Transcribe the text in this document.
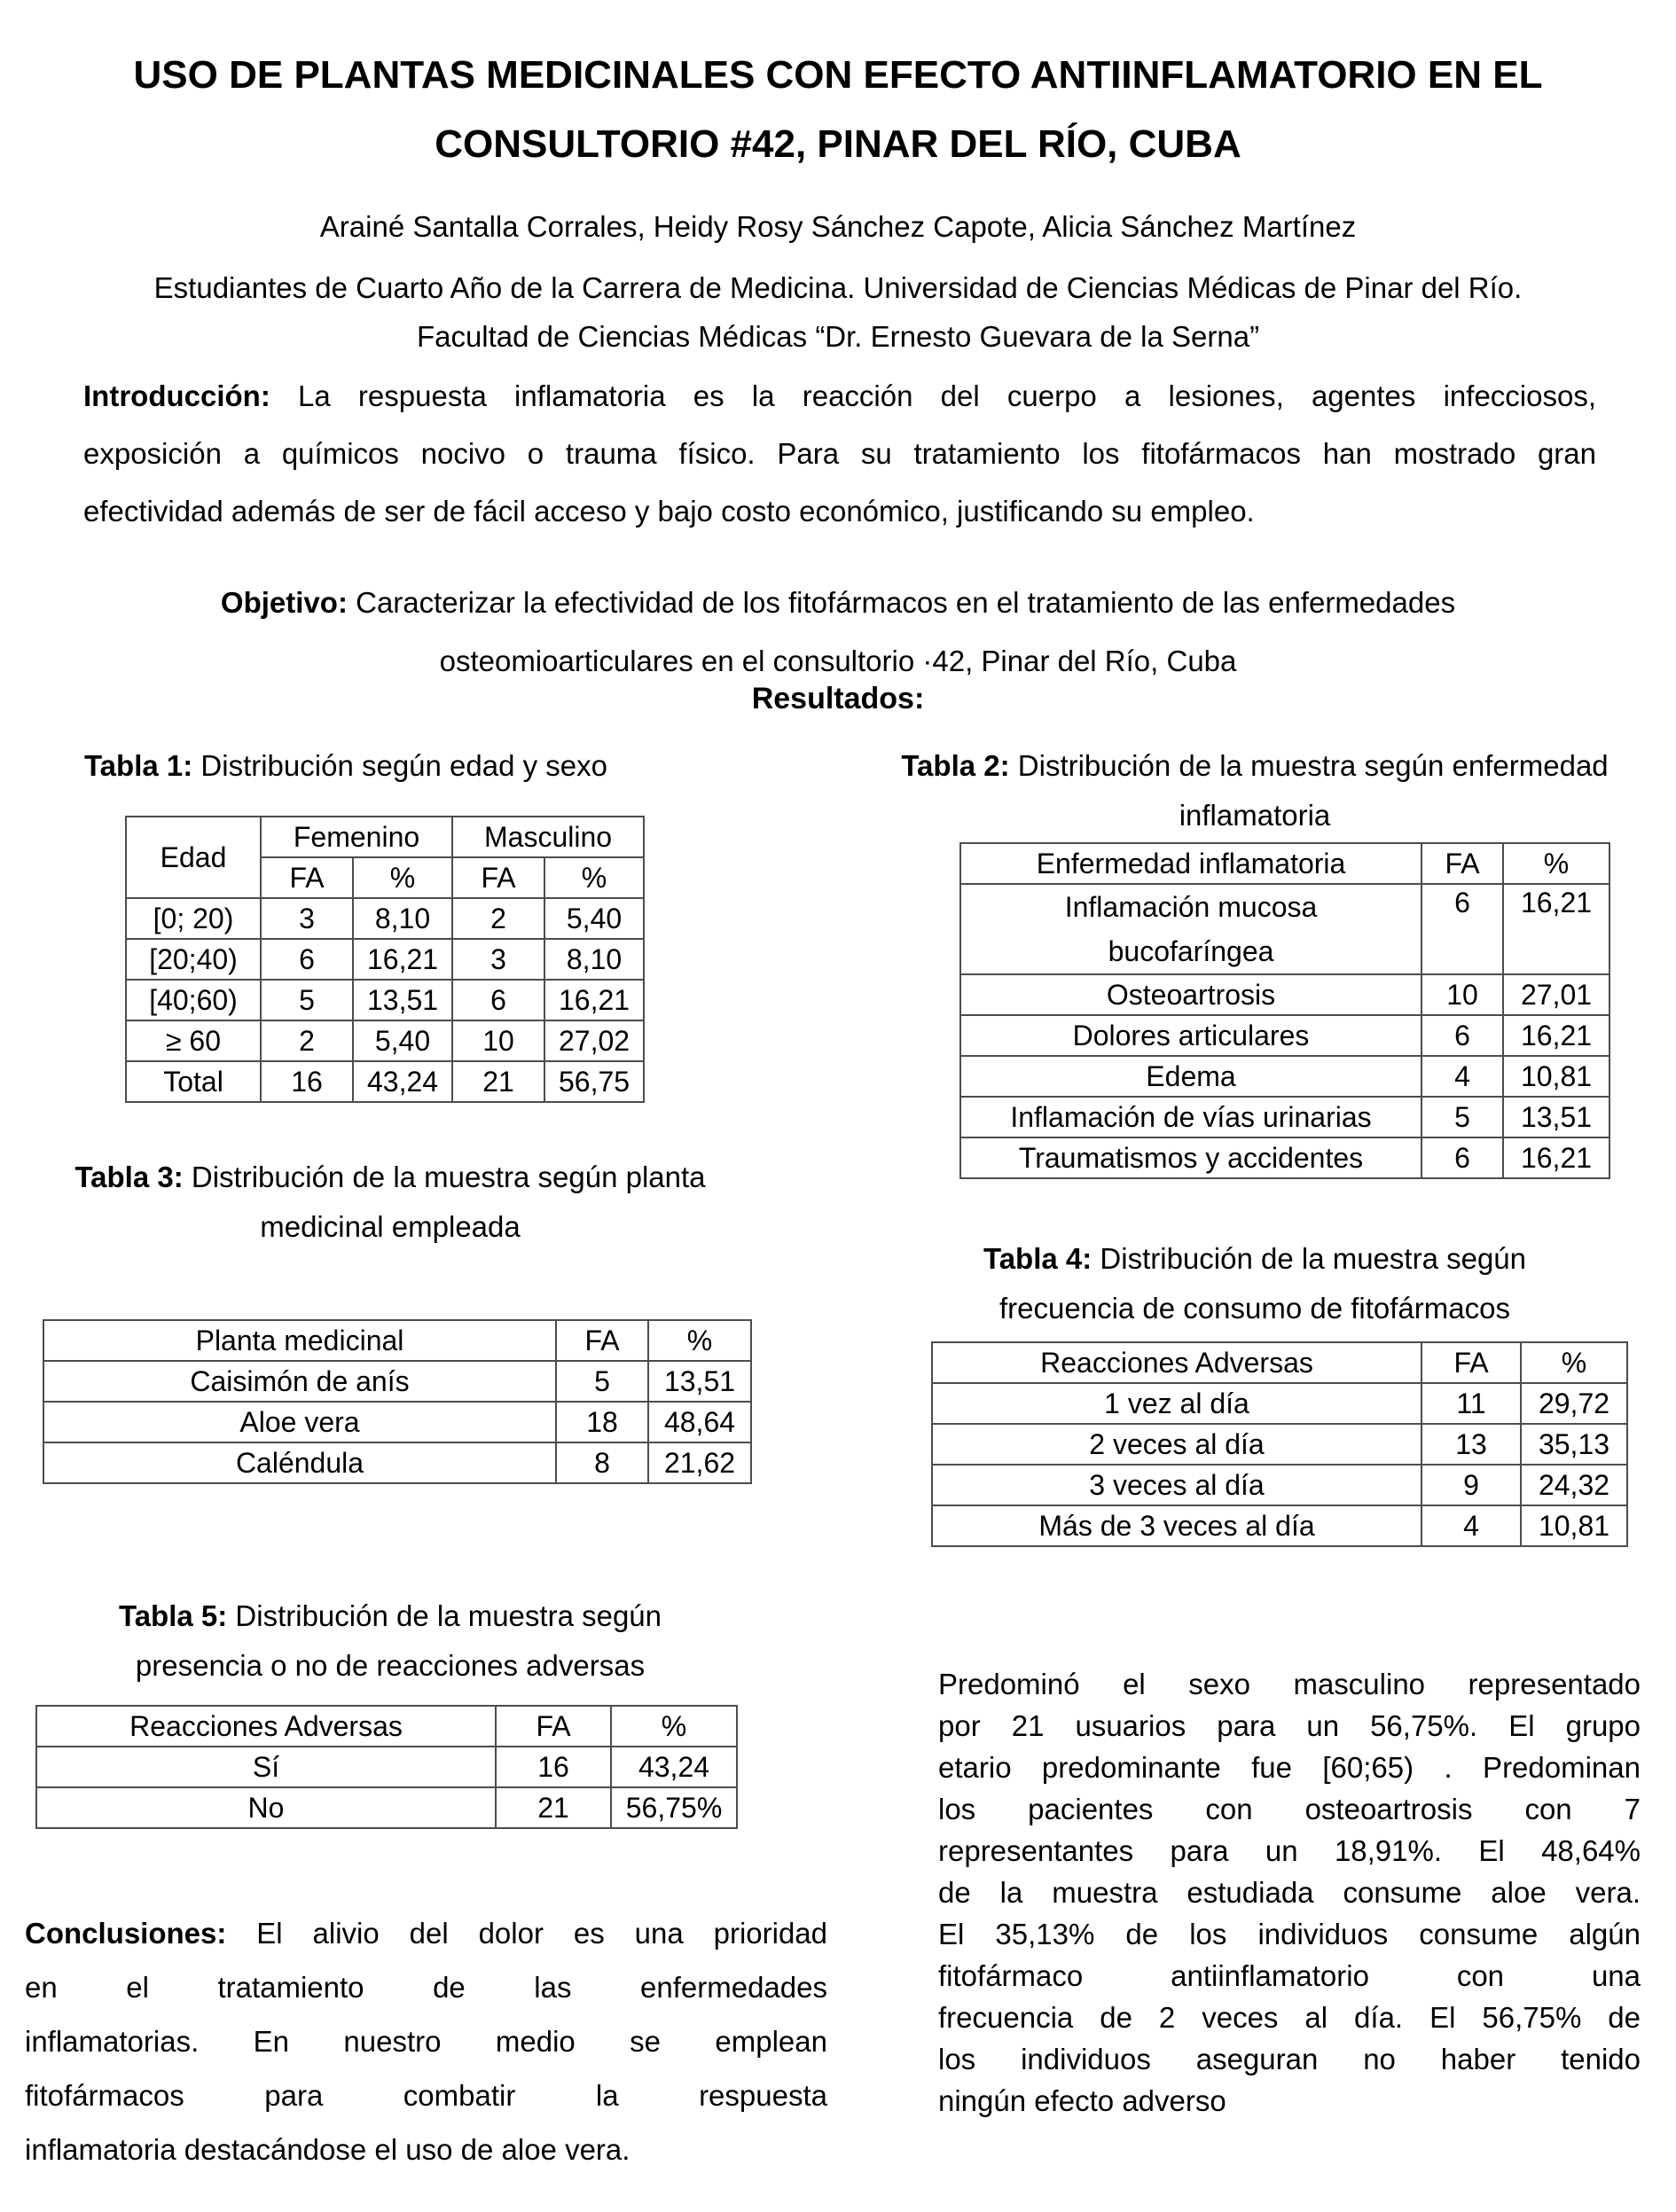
USO DE PLANTAS MEDICINALES CON EFECTO ANTIINFLAMATORIO EN EL
CONSULTORIO #42, PINAR DEL RÍO, CUBA
Arainé Santalla Corrales, Heidy Rosy Sánchez Capote, Alicia Sánchez Martínez
Estudiantes de Cuarto Año de la Carrera de Medicina. Universidad de Ciencias Médicas de Pinar del Río.
Facultad de Ciencias Médicas “Dr. Ernesto Guevara de la Serna”
Introducción: La respuesta inflamatoria es la reacción del cuerpo a lesiones, agentes infecciosos,
exposición a químicos nocivo o trauma físico. Para su tratamiento los fitofármacos han mostrado gran
efectividad además de ser de fácil acceso y bajo costo económico, justificando su empleo.
Objetivo: Caracterizar la efectividad de los fitofármacos en el tratamiento de las enfermedades
osteomioarticulares en el consultorio ·42, Pinar del Río, Cuba
Resultados:
Tabla 1: Distribución según edad y sexo
Edad	Femenino		Masculino	
	FA	%	FA	%
[0; 20)	3	8,10	2	5,40
[20;40)	6	16,21	3	8,10
[40;60)	5	13,51	6	16,21
≥ 60	2	5,40	10	27,02
Total	16	43,24	21	56,75
Tabla 2: Distribución de la muestra según enfermedad
inflamatoria
Enfermedad inflamatoria	FA	%

Inflamación mucosa
bucofaríngea	6	16,21
Osteoartrosis	10	27,01
Dolores articulares	6	16,21
Edema	4	10,81
Inflamación de vías urinarias	5	13,51
Traumatismos y accidentes	6	16,21
Tabla 3: Distribución de la muestra según planta
medicinal empleada
Planta medicinal	FA	%
Caisimón de anís	5	13,51
Aloe vera	18	48,64
Caléndula	8	21,62
Tabla 4: Distribución de la muestra según
frecuencia de consumo de fitofármacos
Reacciones Adversas	FA	%
1 vez al día	11	29,72
2 veces al día	13	35,13
3 veces al día	9	24,32
Más de 3 veces al día	4	10,81
Tabla 5: Distribución de la muestra según
presencia o no de reacciones adversas
Reacciones Adversas	FA	%
Sí	16	43,24
No	21	56,75%
Predominó el sexo masculino representado
por 21 usuarios para un 56,75%. El grupo
etario predominante fue [60;65) . Predominan
los pacientes con osteoartrosis con 7
representantes para un 18,91%. El 48,64%
de la muestra estudiada consume aloe vera.
El 35,13% de los individuos consume algún
fitofármaco antiinflamatorio con una
frecuencia de 2 veces al día. El 56,75% de
los individuos aseguran no haber tenido
ningún efecto adverso
Conclusiones: El alivio del dolor es una prioridad
en el tratamiento de las enfermedades
inflamatorias. En nuestro medio se emplean
fitofármacos para combatir la respuesta
inflamatoria destacándose el uso de aloe vera.
